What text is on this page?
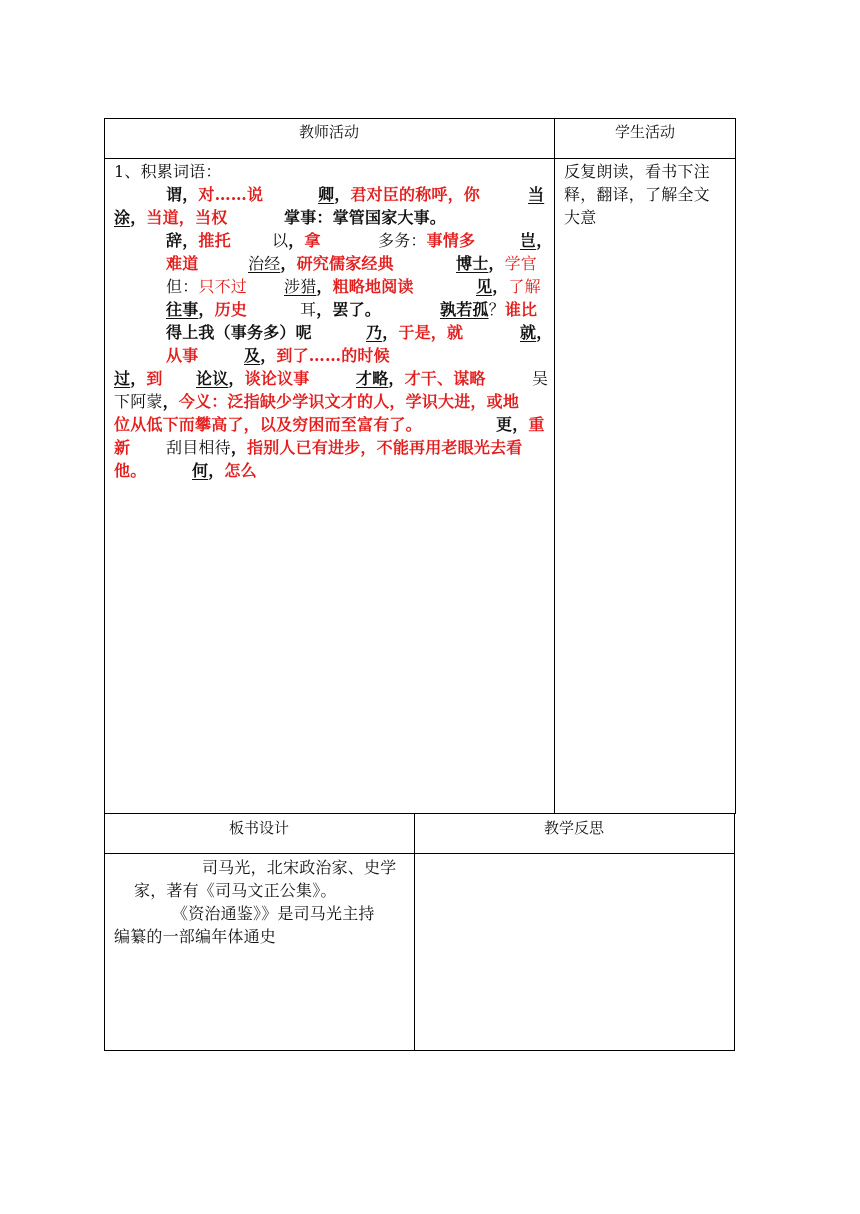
教师活动	学生活动
1、积累词语：
谓，对……说	卿，君对臣的称呼，你	当
涂，当道，当权	掌事：掌管国家大事。
辞，推托	以，拿	多务：事情多	岂，
难道	治经，研究儒家经典	博士，学官
但：只不过 涉猎，粗略地阅读	见，了解
往事，历史	耳，罢了。	孰若孤？谁比
得上我（事务多）呢	乃，于是，就	就，
从事	及，到了……的时候
过，到 论议，谈论议事	才略，才干、谋略	吴
下阿蒙，今义：泛指缺少学识文才的人，学识大进，或地
位从低下而攀高了，以及穷困而至富有了。	更，重
新 刮目相待，指别人已有进步，不能再用老眼光去看
他。	何，怎么
反复朗读，看书下注
释，翻译，了解全文
大意
板书设计	教学反思
司马光，北宋政治家、史学
家，著有《司马文正公集》。
《资治通鉴》》是司马光主持
编纂的一部编年体通史
